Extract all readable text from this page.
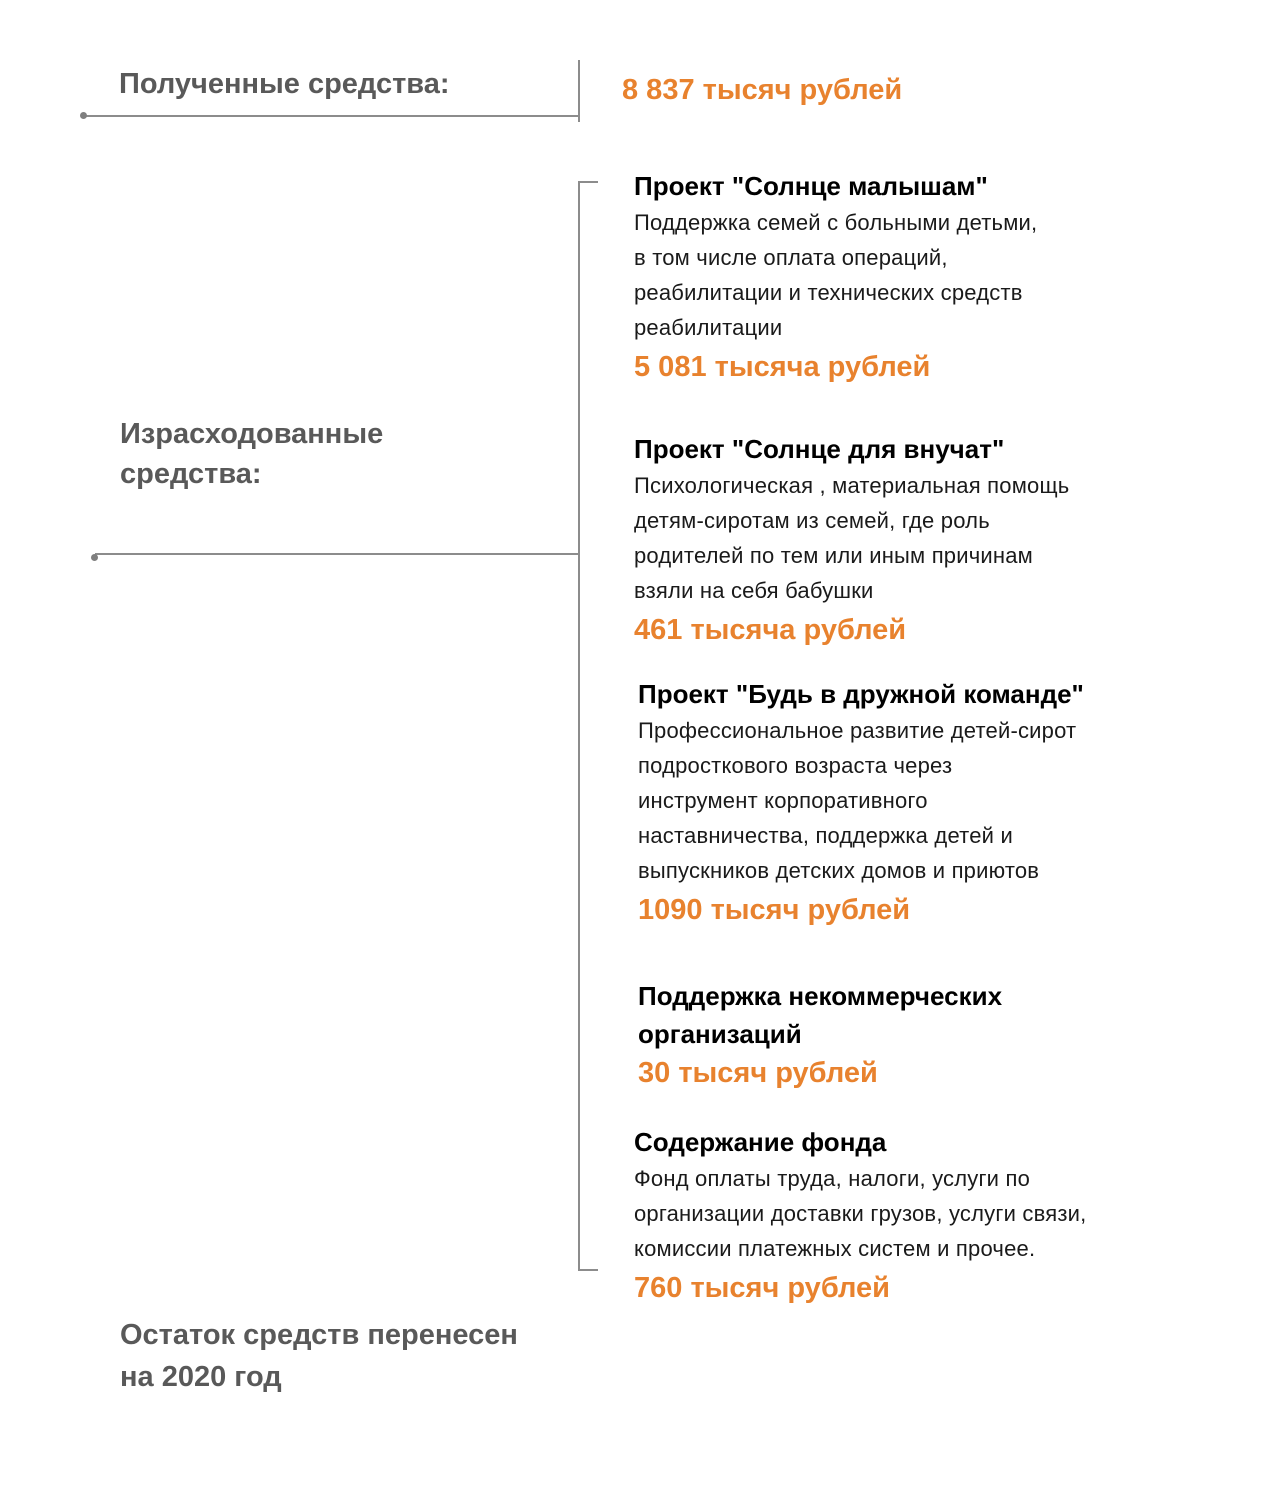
Полученные средства:	8 837 тысяч рублей
Израсходованные средства:
Проект "Солнце малышам"
Поддержка семей с больными детьми,
в том числе оплата операций,
реабилитации и технических средств
реабилитации
5 081 тысяча рублей
Проект "Солнце для внучат"
Психологическая , материальная помощь
детям-сиротам из семей, где роль
родителей по тем или иным причинам
взяли на себя бабушки
461 тысяча рублей
Проект "Будь в дружной команде"
Профессиональное развитие детей-сирот
подросткового возраста через
инструмент корпоративного
наставничества, поддержка детей и
выпускников детских домов и приютов
1090 тысяч рублей
Поддержка некоммерческих
организаций
30 тысяч рублей
Содержание фонда
Фонд оплаты труда, налоги, услуги по
организации доставки грузов, услуги связи,
комиссии платежных систем и прочее.
760 тысяч рублей
Остаток средств перенесен
на 2020 год
